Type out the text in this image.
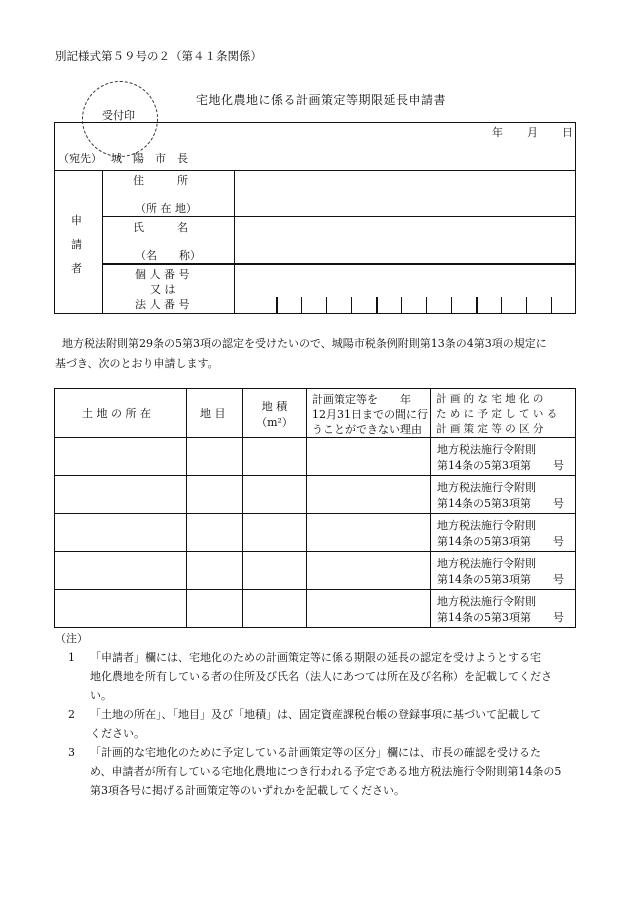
別記様式第５９号の２（第４１条関係）
受付印
宅地化農地に係る計画策定等期限延長申請書
年 月 日
（宛先） 城　陽　市　長
申
請
者
住　　　所
（所 在 地）
氏　　　名
（名　　称）
個 人 番 号
又 は
法 人 番 号
地方税法附則第29条の5第3項の認定を受けたいので、城陽市税条例附則第13条の4第3項の規定に
基づき、次のとおり申請します。
土 地 の 所 在	地 目
地 積
（m²）
計画策定等を　　年
12月31日までの間に行
うことができない理由
計 画 的 な 宅 地 化 の
た め に 予 定 し て い る
計 画 策 定 等 の 区 分
地方税法施行令附則
第14条の5第3項第　　号
地方税法施行令附則
第14条の5第3項第　　号
地方税法施行令附則
第14条の5第3項第　　号
地方税法施行令附則
第14条の5第3項第　　号
地方税法施行令附則
第14条の5第3項第　　号
（注）
1 「申請者」欄には、宅地化のための計画策定等に係る期限の延長の認定を受けようとする宅
地化農地を所有している者の住所及び氏名（法人にあつては所在及び名称）を記載してくださ
い。
2 「土地の所在」、「地目」及び「地積」は、固定資産課税台帳の登録事項に基づいて記載して
ください。
3 「計画的な宅地化のために予定している計画策定等の区分」欄には、市長の確認を受けるた
め、申請者が所有している宅地化農地につき行われる予定である地方税法施行令附則第14条の5
第3項各号に掲げる計画策定等のいずれかを記載してください。
